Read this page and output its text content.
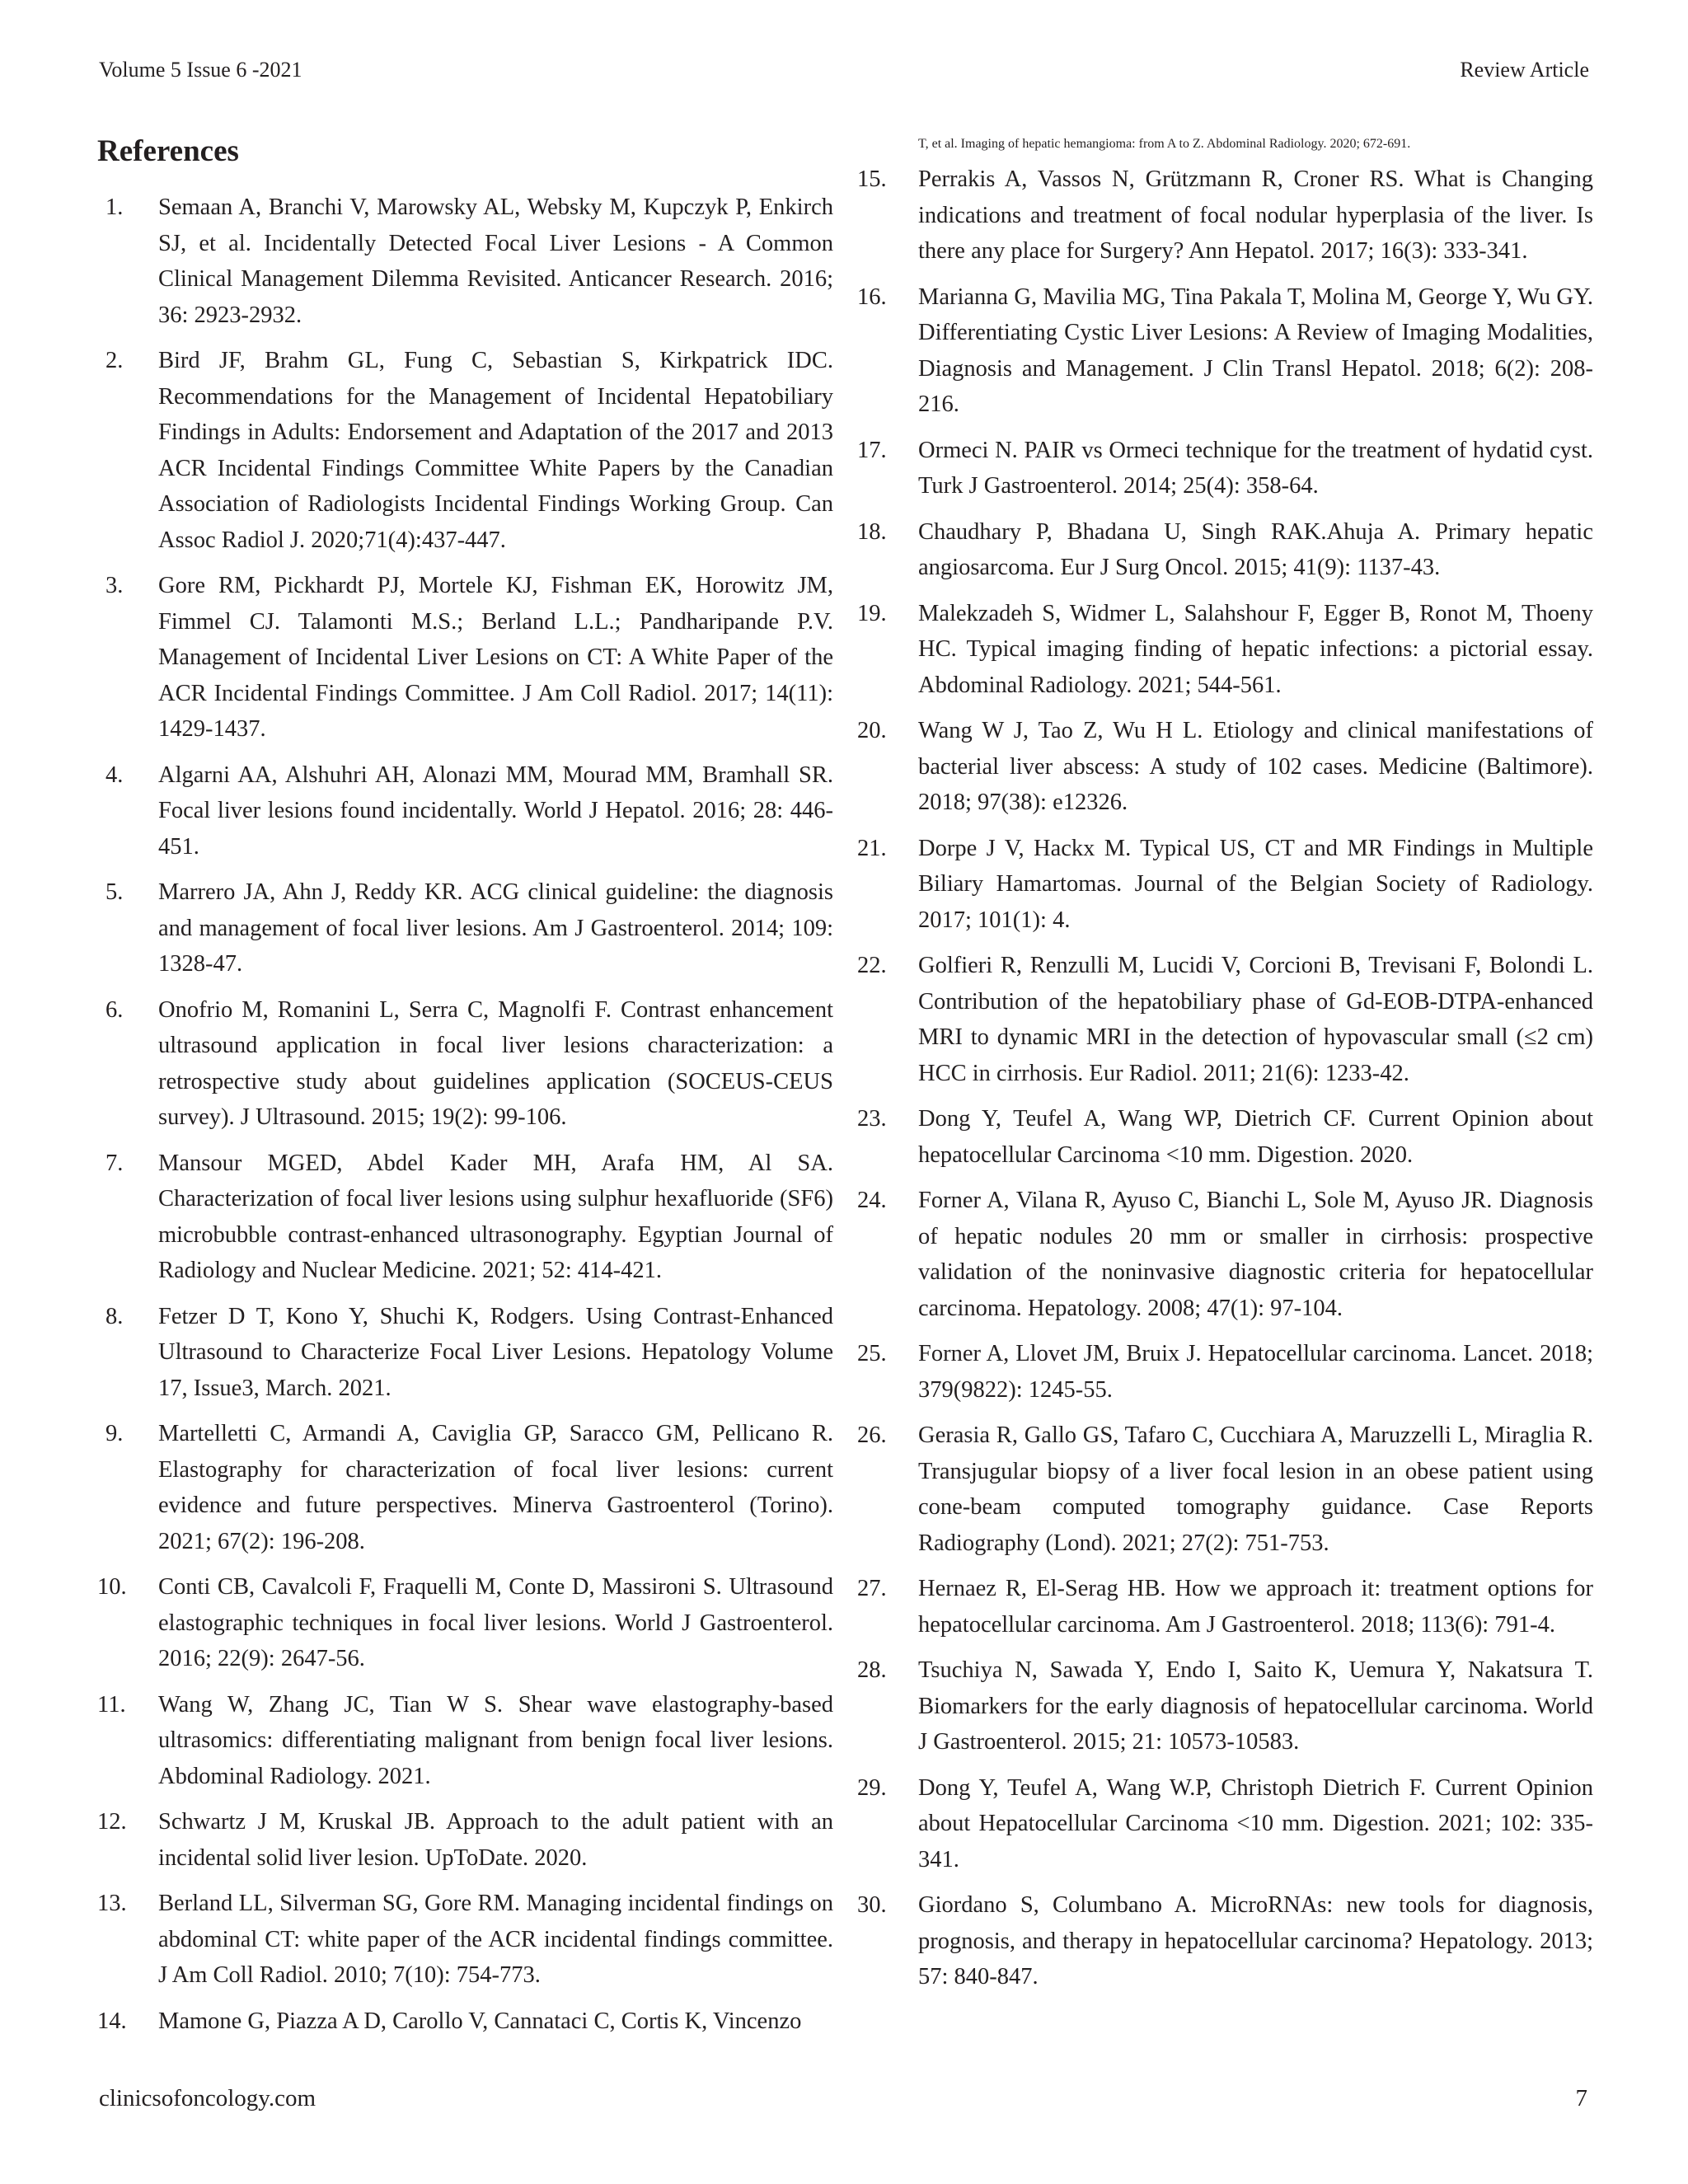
Volume 5 Issue 6 -2021	Review Article
References
1.	Semaan A, Branchi V, Marowsky AL, Websky M, Kupczyk P, Enkirch SJ, et al. Incidentally Detected Focal Liver Lesions - A Common Clinical Management Dilemma Revisited. Anticancer Research. 2016; 36: 2923-2932.
2.	Bird JF, Brahm GL, Fung C, Sebastian S, Kirkpatrick IDC. Recommendations for the Management of Incidental Hepatobiliary Findings in Adults: Endorsement and Adaptation of the 2017 and 2013 ACR Incidental Findings Committee White Papers by the Canadian Association of Radiologists Incidental Findings Working Group. Can Assoc Radiol J. 2020;71(4):437-447.
3.	Gore RM, Pickhardt PJ, Mortele KJ, Fishman EK, Horowitz JM, Fimmel CJ. Talamonti M.S.; Berland L.L.; Pandharipande P.V. Management of Incidental Liver Lesions on CT: A White Paper of the ACR Incidental Findings Committee. J Am Coll Radiol. 2017; 14(11): 1429-1437.
4.	Algarni AA, Alshuhri AH, Alonazi MM, Mourad MM, Bramhall SR. Focal liver lesions found incidentally. World J Hepatol. 2016; 28: 446-451.
5.	Marrero JA, Ahn J, Reddy KR. ACG clinical guideline: the diagnosis and management of focal liver lesions. Am J Gastroenterol. 2014; 109: 1328-47.
6.	Onofrio M, Romanini L, Serra C, Magnolfi F. Contrast enhancement ultrasound application in focal liver lesions characterization: a retrospective study about guidelines application (SOCEUS-CEUS survey). J Ultrasound. 2015; 19(2): 99-106.
7.	Mansour MGED, Abdel Kader MH, Arafa HM, Al SA. Characterization of focal liver lesions using sulphur hexafluoride (SF6) microbubble contrast-enhanced ultrasonography. Egyptian Journal of Radiology and Nuclear Medicine. 2021; 52: 414-421.
8.	Fetzer D T, Kono Y, Shuchi K, Rodgers. Using Contrast-Enhanced Ultrasound to Characterize Focal Liver Lesions. Hepatology Volume 17, Issue3, March. 2021.
9.	Martelletti C, Armandi A, Caviglia GP, Saracco GM, Pellicano R. Elastography for characterization of focal liver lesions: current evidence and future perspectives. Minerva Gastroenterol (Torino). 2021; 67(2): 196-208.
10.	Conti CB, Cavalcoli F, Fraquelli M, Conte D, Massironi S. Ultrasound elastographic techniques in focal liver lesions. World J Gastroenterol. 2016; 22(9): 2647-56.
11.	Wang W, Zhang JC, Tian W S. Shear wave elastography-based ultrasomics: differentiating malignant from benign focal liver lesions. Abdominal Radiology. 2021.
12.	Schwartz J M, Kruskal JB. Approach to the adult patient with an incidental solid liver lesion. UpToDate. 2020.
13.	Berland LL, Silverman SG, Gore RM. Managing incidental findings on abdominal CT: white paper of the ACR incidental findings committee. J Am Coll Radiol. 2010; 7(10): 754-773.
14.	Mamone G, Piazza A D, Carollo V, Cannataci C, Cortis K, Vincenzo
T, et al. Imaging of hepatic hemangioma: from A to Z. Abdominal Radiology. 2020; 672-691.
15.	Perrakis A, Vassos N, Grützmann R, Croner RS. What is Changing indications and treatment of focal nodular hyperplasia of the liver. Is there any place for Surgery? Ann Hepatol. 2017; 16(3): 333-341.
16.	Marianna G, Mavilia MG, Tina Pakala T, Molina M, George Y, Wu GY. Differentiating Cystic Liver Lesions: A Review of Imaging Modalities, Diagnosis and Management. J Clin Transl Hepatol. 2018; 6(2): 208-216.
17.	Ormeci N. PAIR vs Ormeci technique for the treatment of hydatid cyst. Turk J Gastroenterol. 2014; 25(4): 358-64.
18.	Chaudhary P, Bhadana U, Singh RAK.Ahuja A. Primary hepatic angiosarcoma. Eur J Surg Oncol. 2015; 41(9): 1137-43.
19.	Malekzadeh S, Widmer L, Salahshour F, Egger B, Ronot M, Thoeny HC. Typical imaging finding of hepatic infections: a pictorial essay. Abdominal Radiology. 2021; 544-561.
20.	Wang W J, Tao Z, Wu H L. Etiology and clinical manifestations of bacterial liver abscess: A study of 102 cases. Medicine (Baltimore). 2018; 97(38): e12326.
21.	Dorpe J V, Hackx M. Typical US, CT and MR Findings in Multiple Biliary Hamartomas. Journal of the Belgian Society of Radiology. 2017; 101(1): 4.
22.	Golfieri R, Renzulli M, Lucidi V, Corcioni B, Trevisani F, Bolondi L. Contribution of the hepatobiliary phase of Gd-EOB-DTPA-enhanced MRI to dynamic MRI in the detection of hypovascular small (≤2 cm) HCC in cirrhosis. Eur Radiol. 2011; 21(6): 1233-42.
23.	Dong Y, Teufel A, Wang WP, Dietrich CF. Current Opinion about hepatocellular Carcinoma <10 mm. Digestion. 2020.
24.	Forner A, Vilana R, Ayuso C, Bianchi L, Sole M, Ayuso JR. Diagnosis of hepatic nodules 20 mm or smaller in cirrhosis: prospective validation of the noninvasive diagnostic criteria for hepatocellular carcinoma. Hepatology. 2008; 47(1): 97-104.
25.	Forner A, Llovet JM, Bruix J. Hepatocellular carcinoma. Lancet. 2018; 379(9822): 1245-55.
26.	Gerasia R, Gallo GS, Tafaro C, Cucchiara A, Maruzzelli L, Miraglia R. Transjugular biopsy of a liver focal lesion in an obese patient using cone-beam computed tomography guidance. Case Reports Radiography (Lond). 2021; 27(2): 751-753.
27.	Hernaez R, El-Serag HB. How we approach it: treatment options for hepatocellular carcinoma. Am J Gastroenterol. 2018; 113(6): 791-4.
28.	Tsuchiya N, Sawada Y, Endo I, Saito K, Uemura Y, Nakatsura T. Biomarkers for the early diagnosis of hepatocellular carcinoma. World J Gastroenterol. 2015; 21: 10573-10583.
29.	Dong Y, Teufel A, Wang W.P, Christoph Dietrich F. Current Opinion about Hepatocellular Carcinoma <10 mm. Digestion. 2021; 102: 335-341.
30.	Giordano S, Columbano A. MicroRNAs: new tools for diagnosis, prognosis, and therapy in hepatocellular carcinoma? Hepatology. 2013; 57: 840-847.
clinicsofoncology.com	7
